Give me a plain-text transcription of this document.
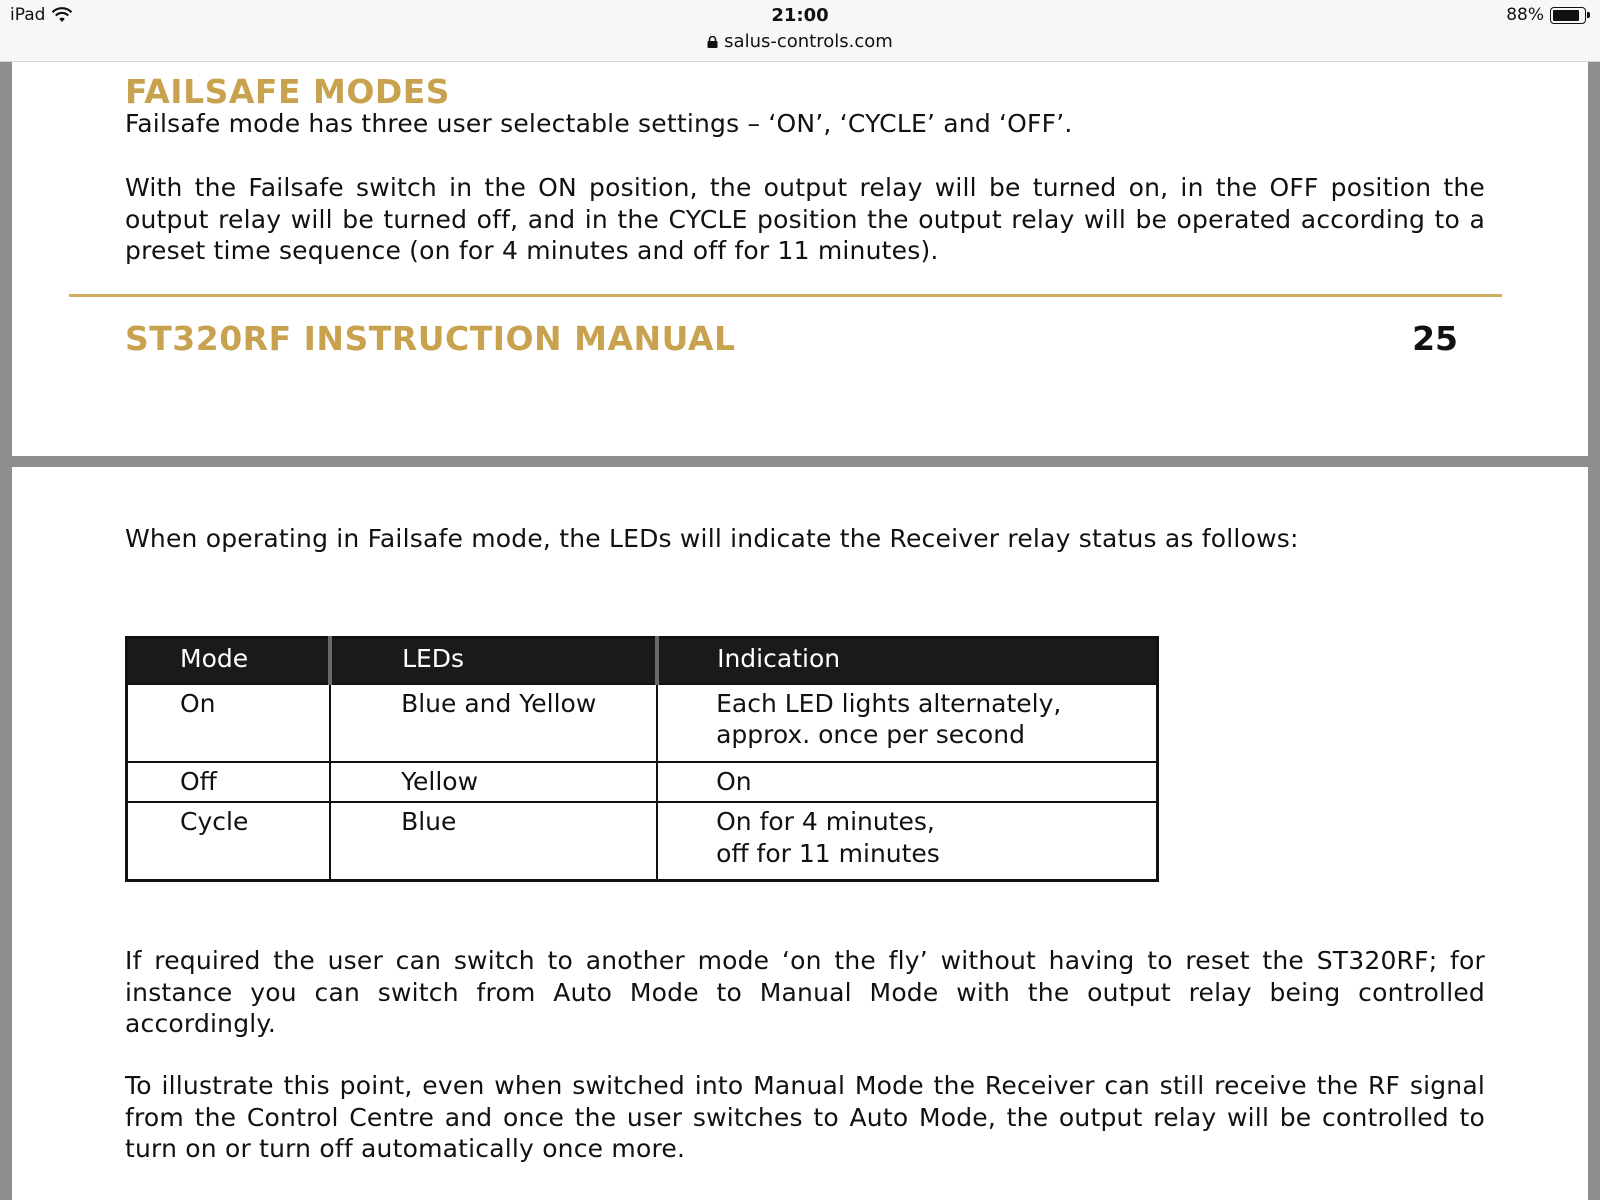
iPad	21:00
salus-controls.com
88%
FAILSAFE MODES
Failsafe mode has three user selectable settings – ‘ON’, ‘CYCLE’ and ‘OFF’.
With the Failsafe switch in the ON position, the output relay will be turned on, in the OFF position the output relay will be turned off, and in the CYCLE position the output relay will be operated according to a preset time sequence (on for 4 minutes and off for 11 minutes).
ST320RF INSTRUCTION MANUAL	25
When operating in Failsafe mode, the LEDs will indicate the Receiver relay status as follows:
Mode	LEDs	Indication
On	Blue and Yellow	Each LED lights alternately,
approx. once per second

Off	Yellow	On

Cycle	Blue	On for 4 minutes,
off for 11 minutes
If required the user can switch to another mode ‘on the fly’ without having to reset the ST320RF; for instance you can switch from Auto Mode to Manual Mode with the output relay being controlled accordingly.
To illustrate this point, even when switched into Manual Mode the Receiver can still receive the RF signal from the Control Centre and once the user switches to Auto Mode, the output relay will be controlled to turn on or turn off automatically once more.
